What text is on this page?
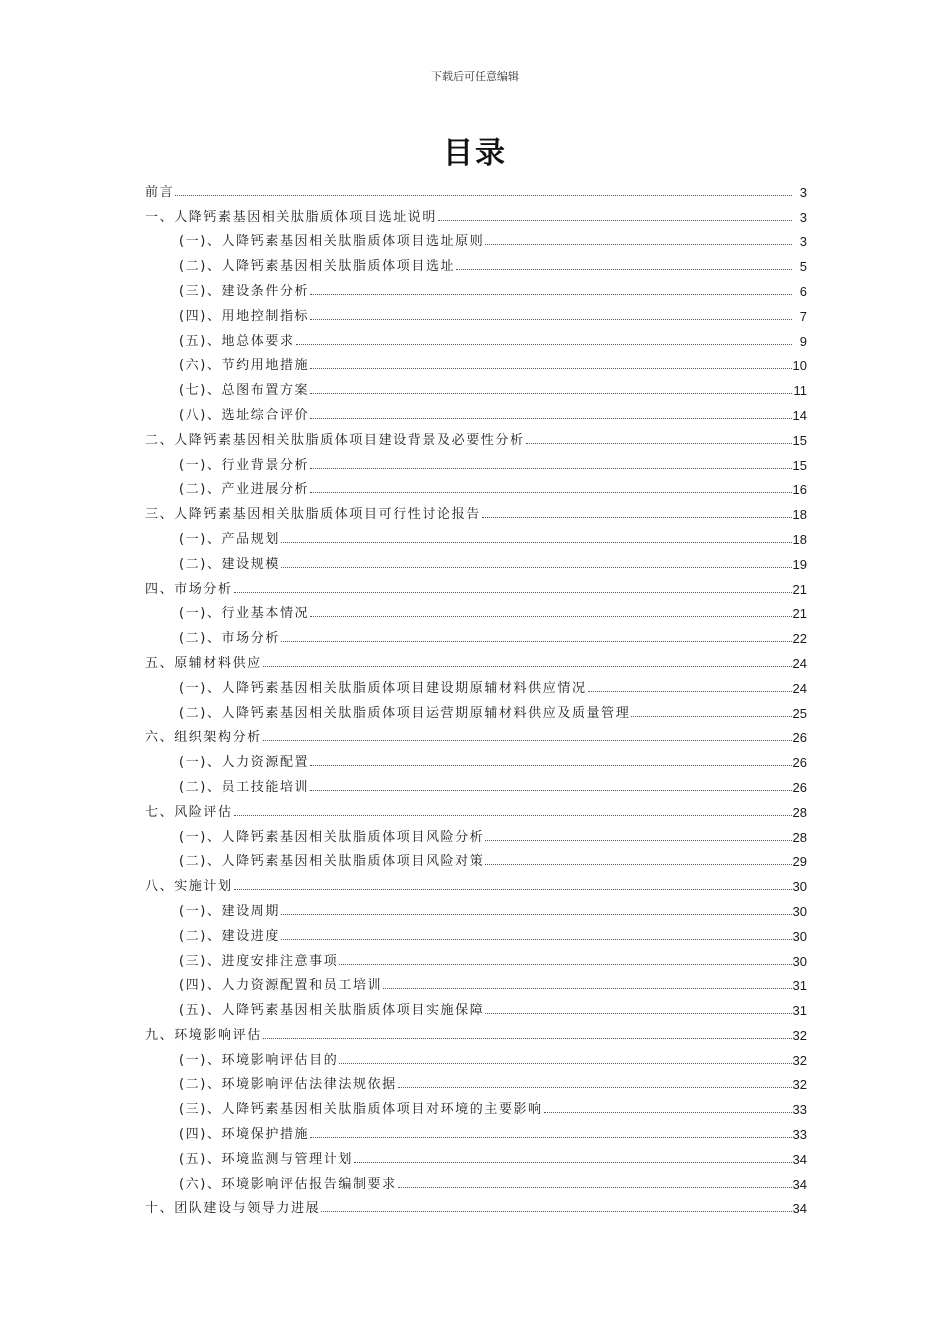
下载后可任意编辑
目录
前言	3
一、人降钙素基因相关肽脂质体项目选址说明	3
(一)、人降钙素基因相关肽脂质体项目选址原则	3
(二)、人降钙素基因相关肽脂质体项目选址	5
(三)、建设条件分析	6
(四)、用地控制指标	7
(五)、地总体要求	9
(六)、节约用地措施	10
(七)、总图布置方案	11
(八)、选址综合评价	14
二、人降钙素基因相关肽脂质体项目建设背景及必要性分析	15
(一)、行业背景分析	15
(二)、产业进展分析	16
三、人降钙素基因相关肽脂质体项目可行性讨论报告	18
(一)、产品规划	18
(二)、建设规模	19
四、市场分析	21
(一)、行业基本情况	21
(二)、市场分析	22
五、原辅材料供应	24
(一)、人降钙素基因相关肽脂质体项目建设期原辅材料供应情况	24
(二)、人降钙素基因相关肽脂质体项目运营期原辅材料供应及质量管理	25
六、组织架构分析	26
(一)、人力资源配置	26
(二)、员工技能培训	26
七、风险评估	28
(一)、人降钙素基因相关肽脂质体项目风险分析	28
(二)、人降钙素基因相关肽脂质体项目风险对策	29
八、实施计划	30
(一)、建设周期	30
(二)、建设进度	30
(三)、进度安排注意事项	30
(四)、人力资源配置和员工培训	31
(五)、人降钙素基因相关肽脂质体项目实施保障	31
九、环境影响评估	32
(一)、环境影响评估目的	32
(二)、环境影响评估法律法规依据	32
(三)、人降钙素基因相关肽脂质体项目对环境的主要影响	33
(四)、环境保护措施	33
(五)、环境监测与管理计划	34
(六)、环境影响评估报告编制要求	34
十、团队建设与领导力进展	34
